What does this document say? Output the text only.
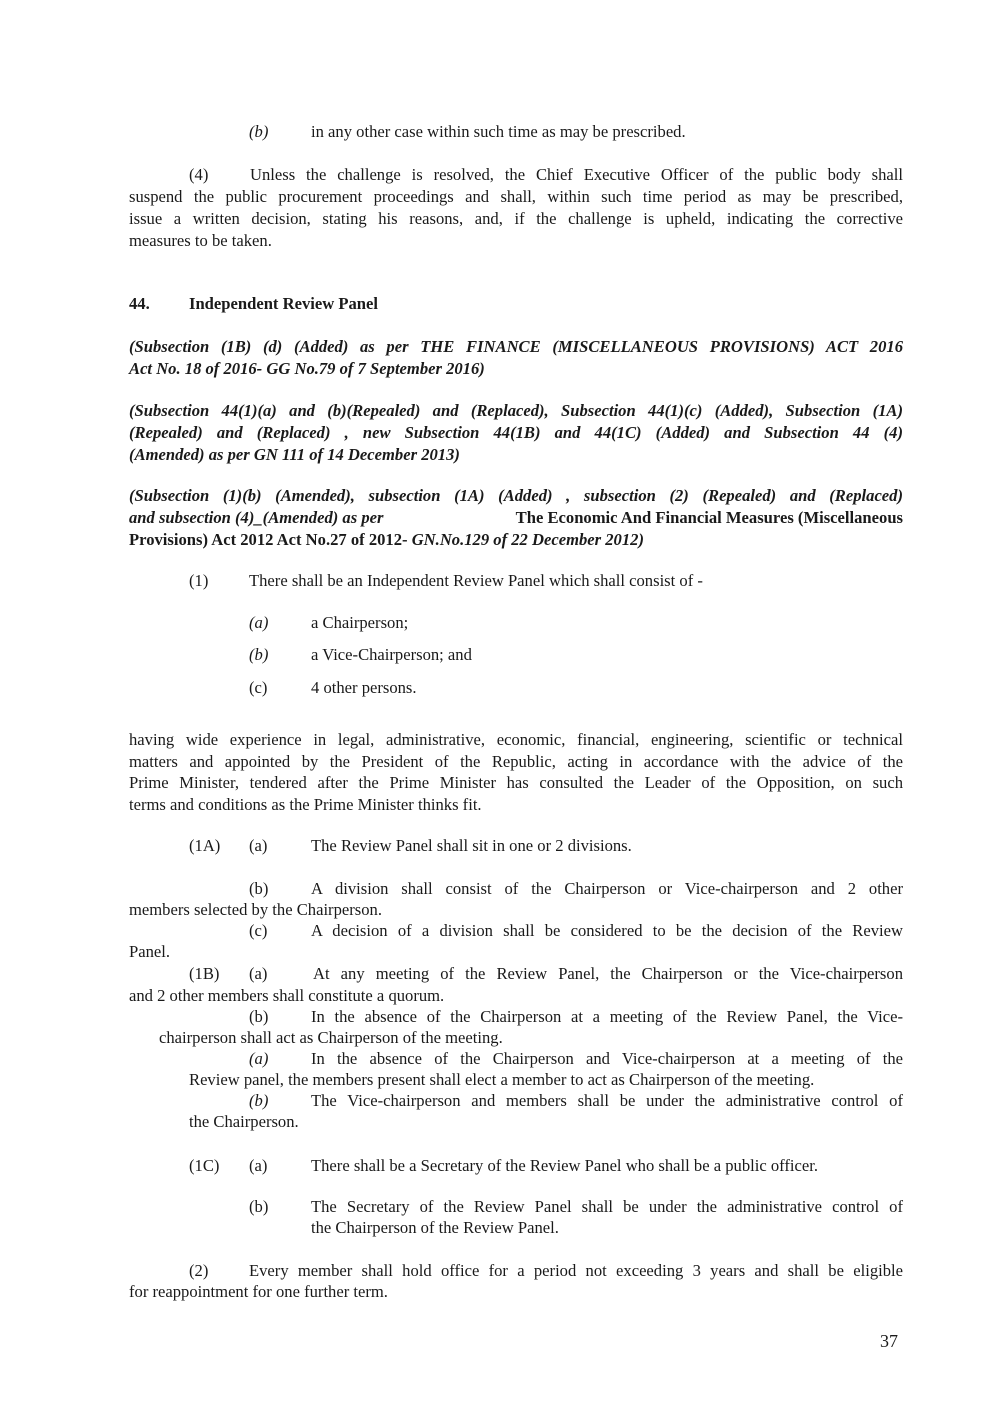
(b)	in any other case within such time as may be prescribed.
(4)	Unless the challenge is resolved, the Chief Executive Officer of the public body shall
suspend the public procurement proceedings and shall, within such time period as may be prescribed,
issue a written decision, stating his reasons, and, if the challenge is upheld, indicating the corrective
measures to be taken.
44. Independent Review Panel
(Subsection (1B) (d) (Added) as per THE FINANCE (MISCELLANEOUS PROVISIONS) ACT 2016
Act No. 18 of 2016- GG No.79 of 7 September 2016)
(Subsection 44(1)(a) and (b)(Repealed) and (Replaced), Subsection 44(1)(c) (Added), Subsection (1A)
(Repealed) and (Replaced) , new Subsection 44(1B) and 44(1C) (Added) and Subsection 44 (4)
(Amended) as per GN 111 of 14 December 2013)
(Subsection (1)(b) (Amended), subsection (1A) (Added) , subsection (2) (Repealed) and (Replaced)
and subsection (4)_(Amended) as per	The Economic And Financial Measures (Miscellaneous
Provisions) Act 2012 Act No.27 of 2012- GN.No.129 of 22 December 2012)
(1) There shall be an Independent Review Panel which shall consist of -
(a)	a Chairperson;
(b)	a Vice-Chairperson; and
(c)	4 other persons.
having wide experience in legal, administrative, economic, financial, engineering, scientific or technical
matters and appointed by the President of the Republic, acting in accordance with the advice of the
Prime Minister, tendered after the Prime Minister has consulted the Leader of the Opposition, on such
terms and conditions as the Prime Minister thinks fit.
(1A) (a)	The Review Panel shall sit in one or 2 divisions.
(b)	A division shall consist of the Chairperson or Vice-chairperson and 2 other
members selected by the Chairperson.
(c)	A decision of a division shall be considered to be the decision of the Review
Panel.
(1B) (a)	At any meeting of the Review Panel, the Chairperson or the Vice-chairperson
and 2 other members shall constitute a quorum.
(b)	In the absence of the Chairperson at a meeting of the Review Panel, the Vice-
chairperson shall act as Chairperson of the meeting.
(a)	In the absence of the Chairperson and Vice-chairperson at a meeting of the
Review panel, the members present shall elect a member to act as Chairperson of the meeting.
(b)	The Vice-chairperson and members shall be under the administrative control of
the Chairperson.
(1C) (a)	There shall be a Secretary of the Review Panel who shall be a public officer.
(b)	The Secretary of the Review Panel shall be under the administrative control of
the Chairperson of the Review Panel.
(2) Every member shall hold office for a period not exceeding 3 years and shall be eligible
for reappointment for one further term.
37
